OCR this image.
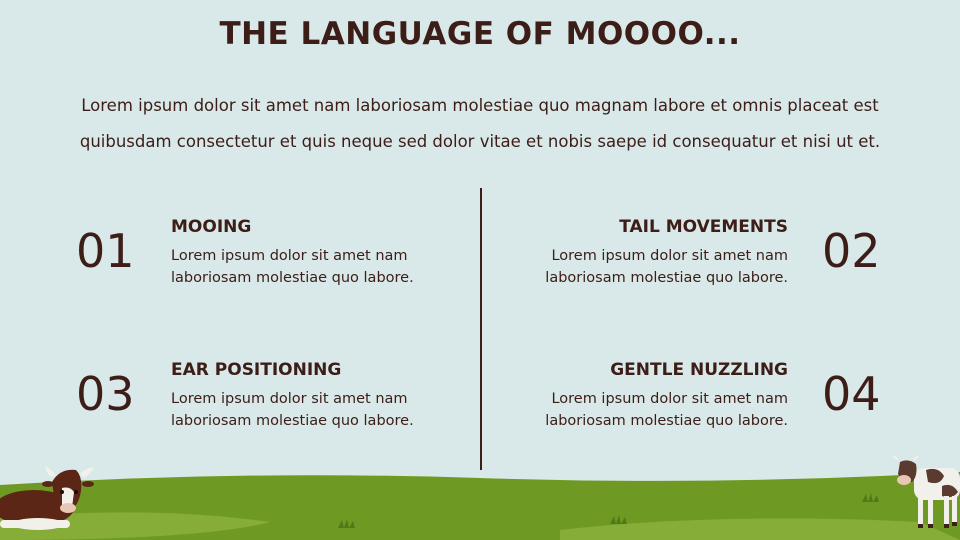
THE LANGUAGE OF MOOOO...
Lorem ipsum dolor sit amet nam laboriosam molestiae quo magnam labore et omnis placeat est
quibusdam consectetur et quis neque sed dolor vitae et nobis saepe id consequatur et nisi ut et.
01 MOOING
Lorem ipsum dolor sit amet nam
laboriosam molestiae quo labore.	02
TAIL MOVEMENTS
Lorem ipsum dolor sit amet nam
laboriosam molestiae quo labore.
03 EAR POSITIONING
Lorem ipsum dolor sit amet nam
laboriosam molestiae quo labore.	04
GENTLE NUZZLING
Lorem ipsum dolor sit amet nam
laboriosam molestiae quo labore.
